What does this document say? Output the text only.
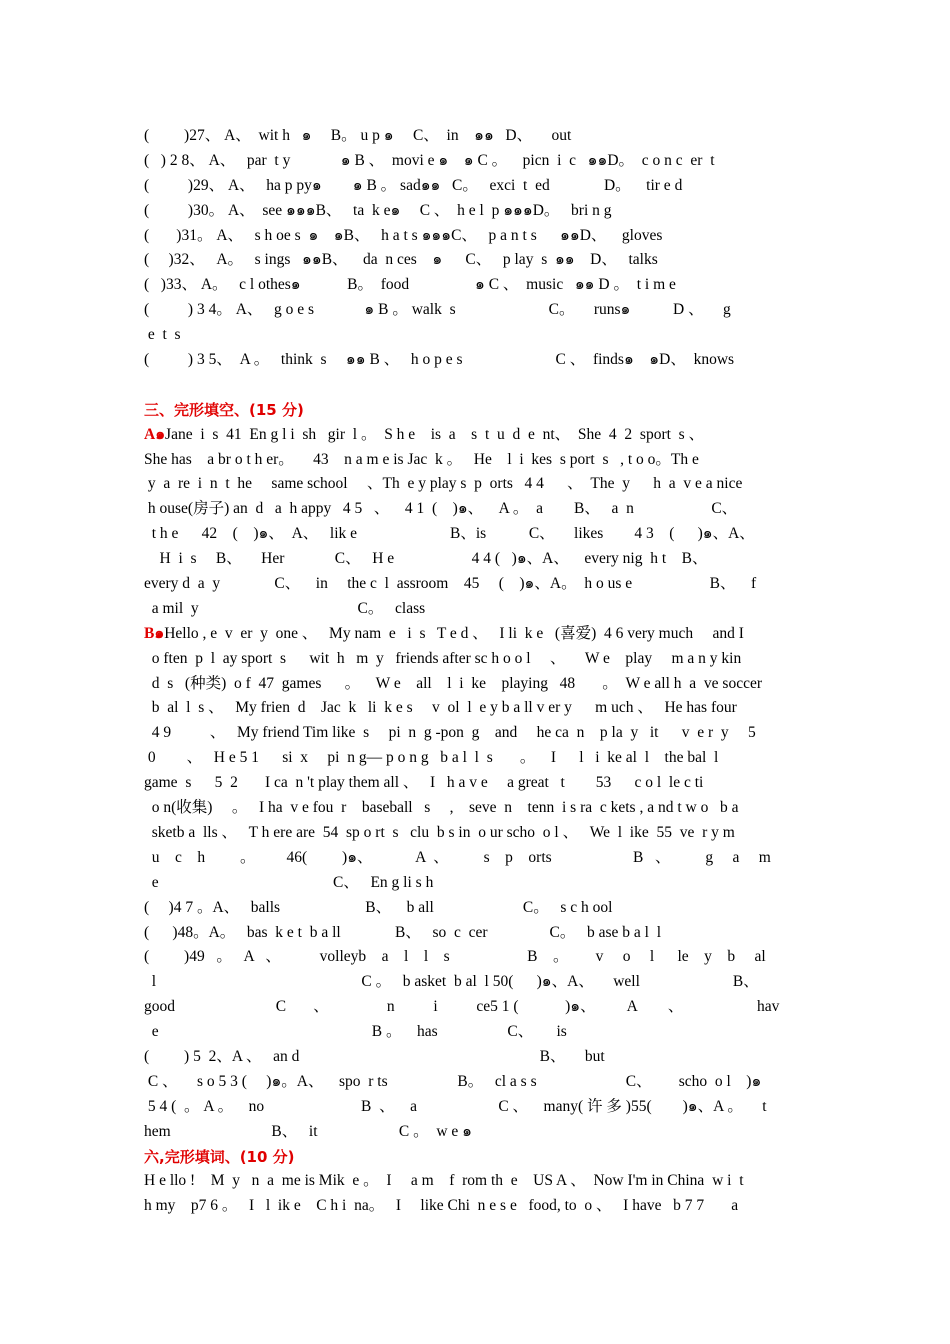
(         )27、 A、  wit h   ๑     B。 u p ๑     C、  in    ๑๑   D、     out
(   ) 2 8、 A、   par  t y             ๑ B 、  movi e ๑    ๑ C 。    picn  i  c   ๑๑D。  c o n c  er  t
(          )29、 A、   ha p py๑        ๑ B 。 sad๑๑   C。   exci  t  ed              D。    tir e d
(          )30。 A、  see ๑๑๑B、   ta  k e๑     C 、  h e l  p ๑๑๑D。   bri n g
(       )31。 A、   s h oe s  ๑    ๑B、   h a t s ๑๑๑C、   p a n t s      ๑๑D、    gloves
(     )32、   A。   s ings   ๑๑B、    da  n ces    ๑      C、   p lay  s  ๑๑    D、   talks
(   )33、 A。   c l othes๑            B。  food                 ๑ C 、  music   ๑๑ D 。  t i m e
(          ) 3 4。 A、   g o e s             ๑ B 。 walk  s                        C。     runs๑           D 、     g
e  t  s
(          ) 3 5、  A 。   think  s     ๑๑ B 、   h o p e s                        C 、  finds๑    ๑D、  knows
三、完形填空、(15 分)
A๑Jane  i  s  41  En g l i  sh   gir  l 。  S h e    is  a    s  t  u  d  e  nt、  She  4  2  sport  s 、
She has    a br o t h er。     43    n a m e is Jac  k 。   He    l  i  kes  s port  s   , t o o。Th e
y  a  re  i  n  t  he     same school     、Th  e y play s  p  orts   4 4      、  The  y      h  a  v e a nice
h ouse(房子) an  d   a  h appy   4 5   、    4 1  (    )๑、    A 。  a        B、   a  n                    C、
t h e      42    (    )๑、  A、   lik e                        B、is           C、     likes        4 3    (      )๑、A、
H  i  s     B、     Her             C、   H e                    4 4 (   )๑、A、    every nig  h t    B、
every d  a  y              C、    in     the c  l  assroom    45     (    )๑、A。  h o us e                    B、    f
a mil  y                                         C。   class
B๑Hello , e  v  er  y  one 、   My nam  e   i  s   T e d 、   I li  k e   (喜爱)  4 6 very much     and I
o ften  p  l  ay sport  s      wit  h   m  y   friends after sc h o o l     、     W e    play     m a n y kin
d  s   (种类)  o f  47  games      。    W e    all    l  i  ke    playing   48       。  W e all h  a  ve soccer
b  al  l  s 、   My frien  d    Jac  k   li  k e s     v  ol  l  e y b a ll v er y      m uch 、   He has four
4 9          、   My friend Tim like  s     pi  n  g -pon  g    and     he ca  n    p la  y   it      v  e r  y     5
0        、   H e 5 1      si  x     pi  n g— p o n g   b a l  l  s       。    I      l   i  ke al  l    the bal  l
game  s      5  2       I ca  n 't play them all 、   I   h a v e     a great   t        53      c o l  le c ti
o n(收集)     。   I ha  v e fou  r    baseball   s     ,    seve  n    tenn  i s ra  c kets , a nd t w o   b a
sketb a  lls 、   T h ere are  54  sp o rt  s   clu  b s in  o ur scho  o l 、   We  l  ike  55  ve  r y m
u    c    h         。        46(         )๑、           A  、         s    p    orts                     B   、         g     a     m
e                                             C、   En g li s h
(     )4 7 。A、   balls                      B、    b all                       C。   s c h ool
(      )48。A。   bas  k e t  b a ll              B、   so  c  cer                C。   b ase b a l  l
(         )49   。   A   、          volleyb    a    l    l    s                    B    。       v     o     l      le    y    b     al
l                                                     C 。   b asket  b al  l 50(      )๑、A、     well                        B、
good                          C       、               n          i          ce5 1 (            )๑、        A        、                   hav
e                                                       B 。    has                  C、      is
(         ) 5  2、A 、   an d                                                              B、     but
C 、     s o 5 3 (     )๑。A、    spo  r ts                  B。   cl a s s                       C、       scho  o l    )๑
5 4 (  。 A 。    no                         B  、    a                     C 、    many( 许 多 )55(        )๑、A 。     t
hem                          B、   it                     C 。  w e ๑
六,完形填词、(10 分)
H e llo !    M  y   n  a  me is Mik  e 。  I     a m    f  rom th  e    US A 、  Now I'm in China  w i  t
h my    p7 6 。   I   l  ik e    C h i  na。   I     like Chi  n e s e   food, to  o 、   I have   b 7 7       a
